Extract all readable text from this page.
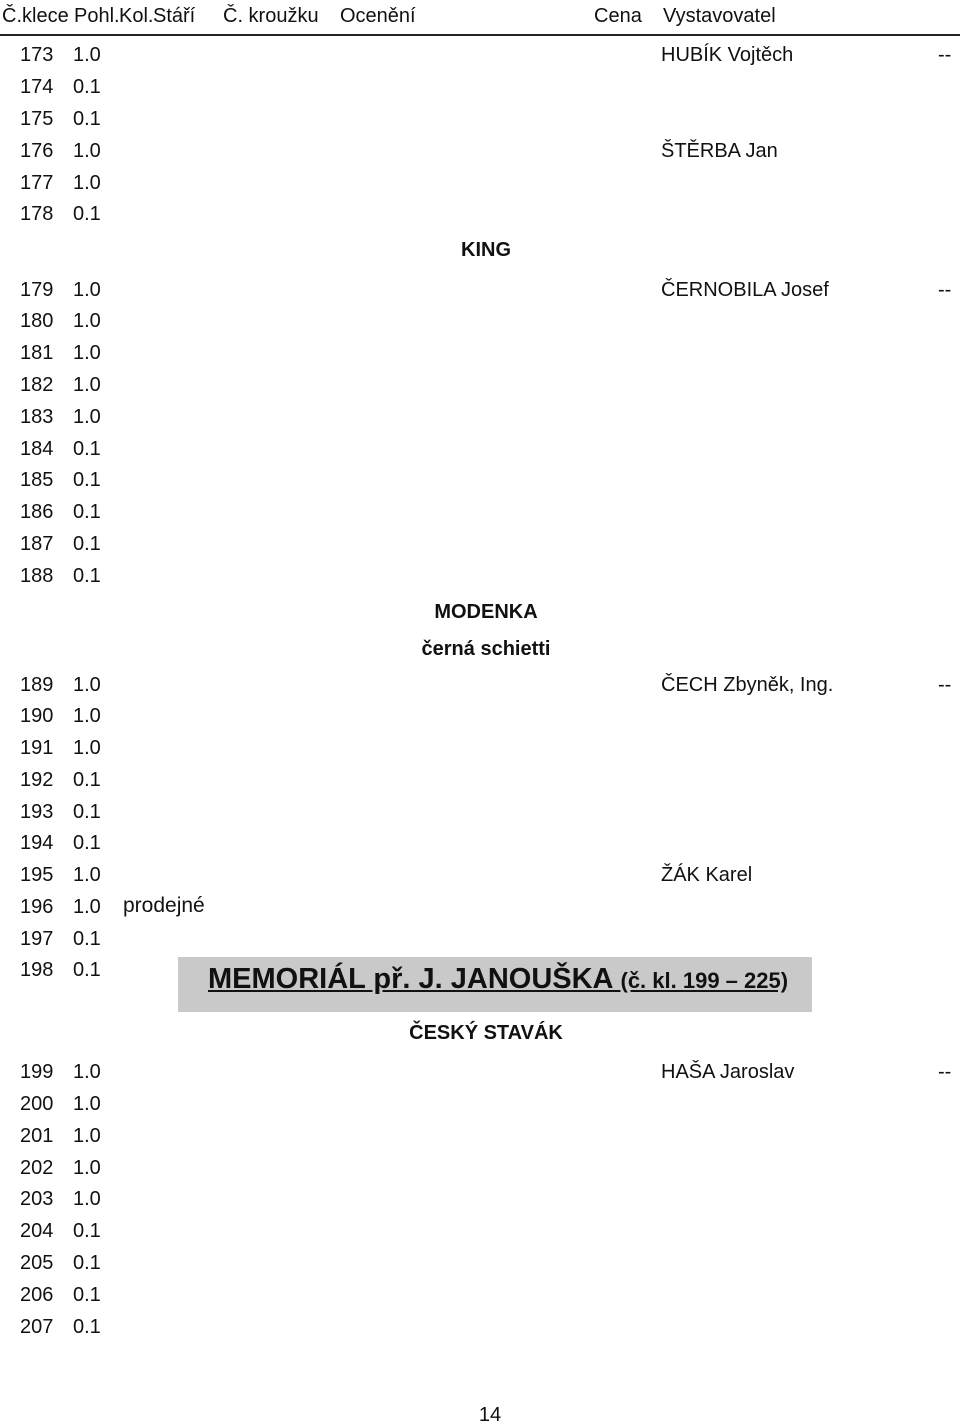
Č.klece Pohl. Kol. Stáří Č. kroužku Ocenění	Cena Vystavovatel
173 1.0	HUBÍK Vojtěch	--
174 0.1
175 0.1
176 1.0	ŠTĚRBA Jan
177 1.0
178 0.1
KING
179 1.0	ČERNOBILA Josef	--
180 1.0
181 1.0
182 1.0
183 1.0
184 0.1
185 0.1
186 0.1
187 0.1
188 0.1
MODENKA
černá schietti
189 1.0	ČECH Zbyněk, Ing.	--
190 1.0
191 1.0
192 0.1
193 0.1
194 0.1
195 1.0	ŽÁK Karel
196 1.0 prodejné
197 0.1
198 0.1	MEMORIÁL př. J. JANOUŠKA (č. kl. 199 – 225)
ČESKÝ STAVÁK
199 1.0	HAŠA Jaroslav	--
200 1.0
201 1.0
202 1.0
203 1.0
204 0.1
205 0.1
206 0.1
207 0.1
14
